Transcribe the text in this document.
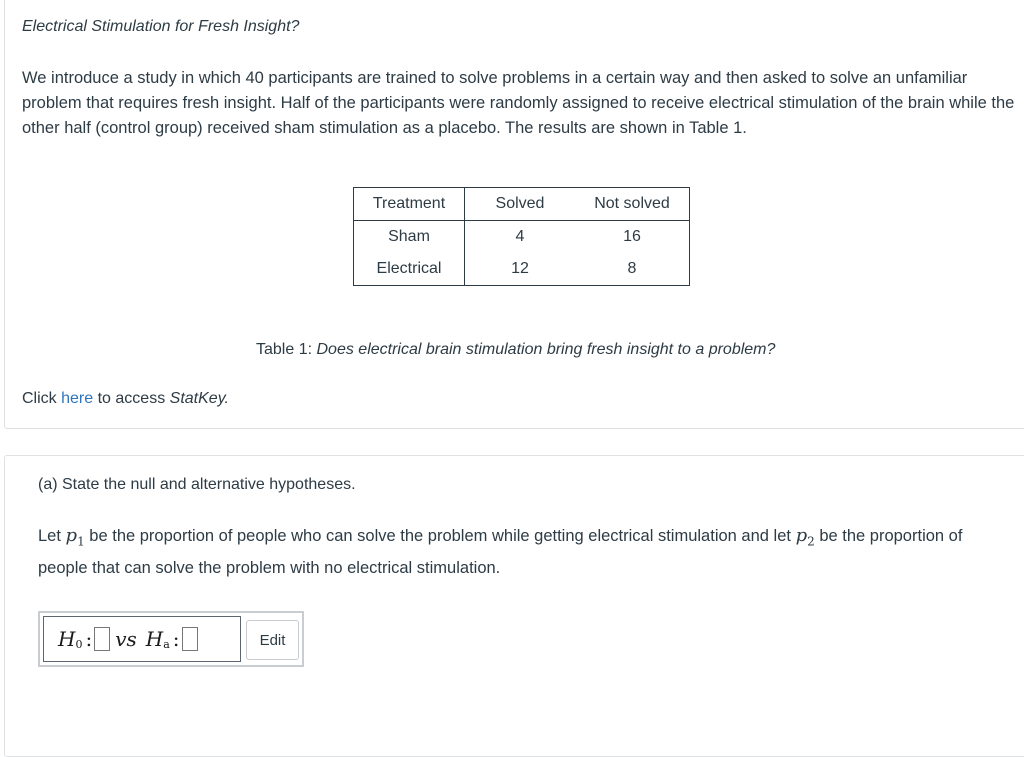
Electrical Stimulation for Fresh Insight?

We introduce a study in which 40 participants are trained to solve problems in a certain way and then asked to solve an unfamiliar problem that requires fresh insight. Half of the participants were randomly assigned to receive electrical stimulation of the brain while the other half (control group) received sham stimulation as a placebo. The results are shown in Table 1.

Treatment	Solved	Not solved
Sham	4	16
Electrical	12	8

Table 1: Does electrical brain stimulation bring fresh insight to a problem?

Click here to access StatKey.

(a) State the null and alternative hypotheses.

Let $p_1$ be the proportion of people who can solve the problem while getting electrical stimulation and let $p_2$ be the proportion of people that can solve the problem with no electrical stimulation.

H 0 : vs H a :	Edit
